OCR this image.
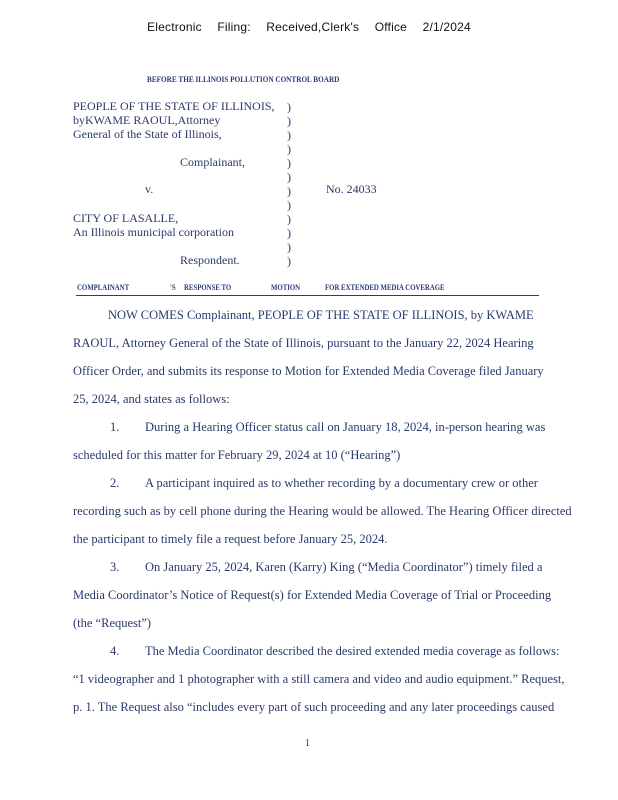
Electronic Filing: Received,Clerk's Office 2/1/2024
BEFORE THE ILLINOIS POLLUTION CONTROL BOARD
PEOPLE OF THE STATE OF ILLINOIS,
byKWAME RAOUL,Attorney
General of the State of Illinois,
Complainant,
v.	No. 24033
CITY OF LASALLE,
An Illinois municipal corporation
Respondent.
)
)
)
)
)
)
)
)
)
)
)
)
COMPLAINANT	'S RESPONSE TO	MOTION	FOR EXTENDED MEDIA COVERAGE
NOW COMES Complainant, PEOPLE OF THE STATE OF ILLINOIS, by KWAME
RAOUL, Attorney General of the State of Illinois, pursuant to the January 22, 2024 Hearing
Officer Order, and submits its response to Motion for Extended Media Coverage filed January
25, 2024, and states as follows:
1. During a Hearing Officer status call on January 18, 2024, in-person hearing was
scheduled for this matter for February 29, 2024 at 10 (“Hearing”)
2. A participant inquired as to whether recording by a documentary crew or other
recording such as by cell phone during the Hearing would be allowed. The Hearing Officer directed
the participant to timely file a request before January 25, 2024.
3. On January 25, 2024, Karen (Karry) King (“Media Coordinator”) timely filed a
Media Coordinator’s Notice of Request(s) for Extended Media Coverage of Trial or Proceeding
(the “Request”)
4. The Media Coordinator described the desired extended media coverage as follows:
“1 videographer and 1 photographer with a still camera and video and audio equipment.” Request,
p. 1. The Request also “includes every part of such proceeding and any later proceedings caused
1
